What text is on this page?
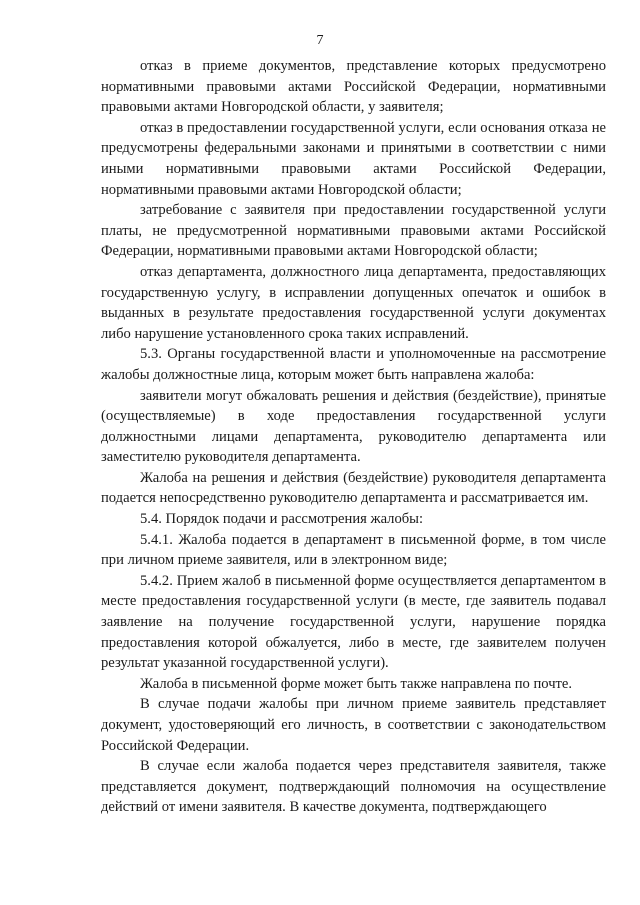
7

отказ в приеме документов, представление которых предусмотрено нормативными правовыми актами Российской Федерации, нормативными правовыми актами Новгородской области, у заявителя;

отказ в предоставлении государственной услуги, если основания отказа не предусмотрены федеральными законами и принятыми в соответствии с ними иными нормативными правовыми актами Российской Федерации, нормативными правовыми актами Новгородской области;

затребование с заявителя при предоставлении государственной услуги платы, не предусмотренной нормативными правовыми актами Российской Федерации, нормативными правовыми актами Новгородской области;

отказ департамента, должностного лица департамента, предоставляющих государственную услугу, в исправлении допущенных опечаток и ошибок в выданных в результате предоставления государственной услуги документах либо нарушение установленного срока таких исправлений.

5.3. Органы государственной власти и уполномоченные на рассмотрение жалобы должностные лица, которым может быть направлена жалоба:

заявители могут обжаловать решения и действия (бездействие), принятые (осуществляемые) в ходе предоставления государственной услуги должностными лицами департамента, руководителю департамента или заместителю руководителя департамента.

Жалоба на решения и действия (бездействие) руководителя департамента подается непосредственно руководителю департамента и рассматривается им.

5.4. Порядок подачи и рассмотрения жалобы:

5.4.1. Жалоба подается в департамент в письменной форме, в том числе при личном приеме заявителя, или в электронном виде;

5.4.2. Прием жалоб в письменной форме осуществляется департаментом в месте предоставления государственной услуги (в месте, где заявитель подавал заявление на получение государственной услуги, нарушение порядка предоставления которой обжалуется, либо в месте, где заявителем получен результат указанной государственной услуги).

Жалоба в письменной форме может быть также направлена по почте.

В случае подачи жалобы при личном приеме заявитель представляет документ, удостоверяющий его личность, в соответствии с законодательством Российской Федерации.

В случае если жалоба подается через представителя заявителя, также представляется документ, подтверждающий полномочия на осуществление действий от имени заявителя. В качестве документа, подтверждающего
